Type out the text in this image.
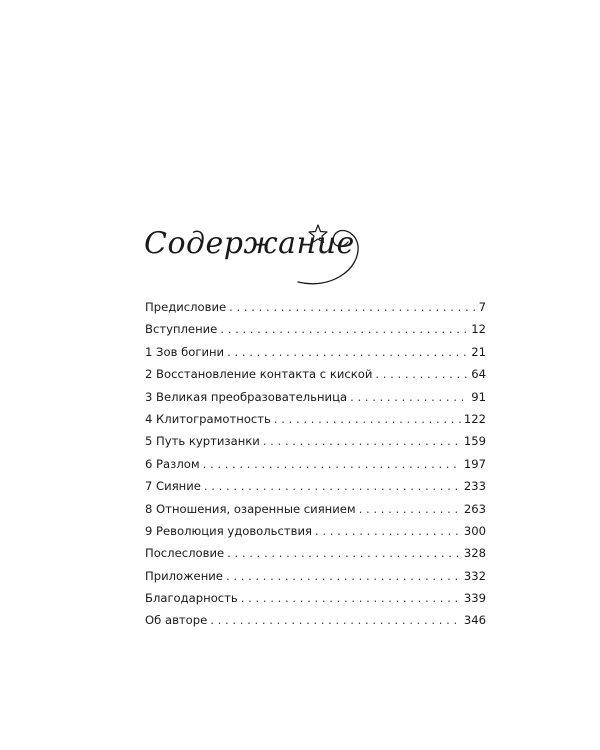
Содержание
Предисловие . . .	7
Вступление . . .	12
1 Зов богини . . .	21
2 Восстановление контакта с киской . . .	64
3 Великая преобразовательница . . .	91
4 Клитограмотность . . .	122
5 Путь куртизанки . . .	159
6 Разлом . . .	197
7 Сияние . . .	233
8 Отношения, озаренные сиянием . . .	263
9 Революция удовольствия . . .	300
Послесловие . . .	328
Приложение . . .	332
Благодарность . . .	339
Об авторе . . .	346
